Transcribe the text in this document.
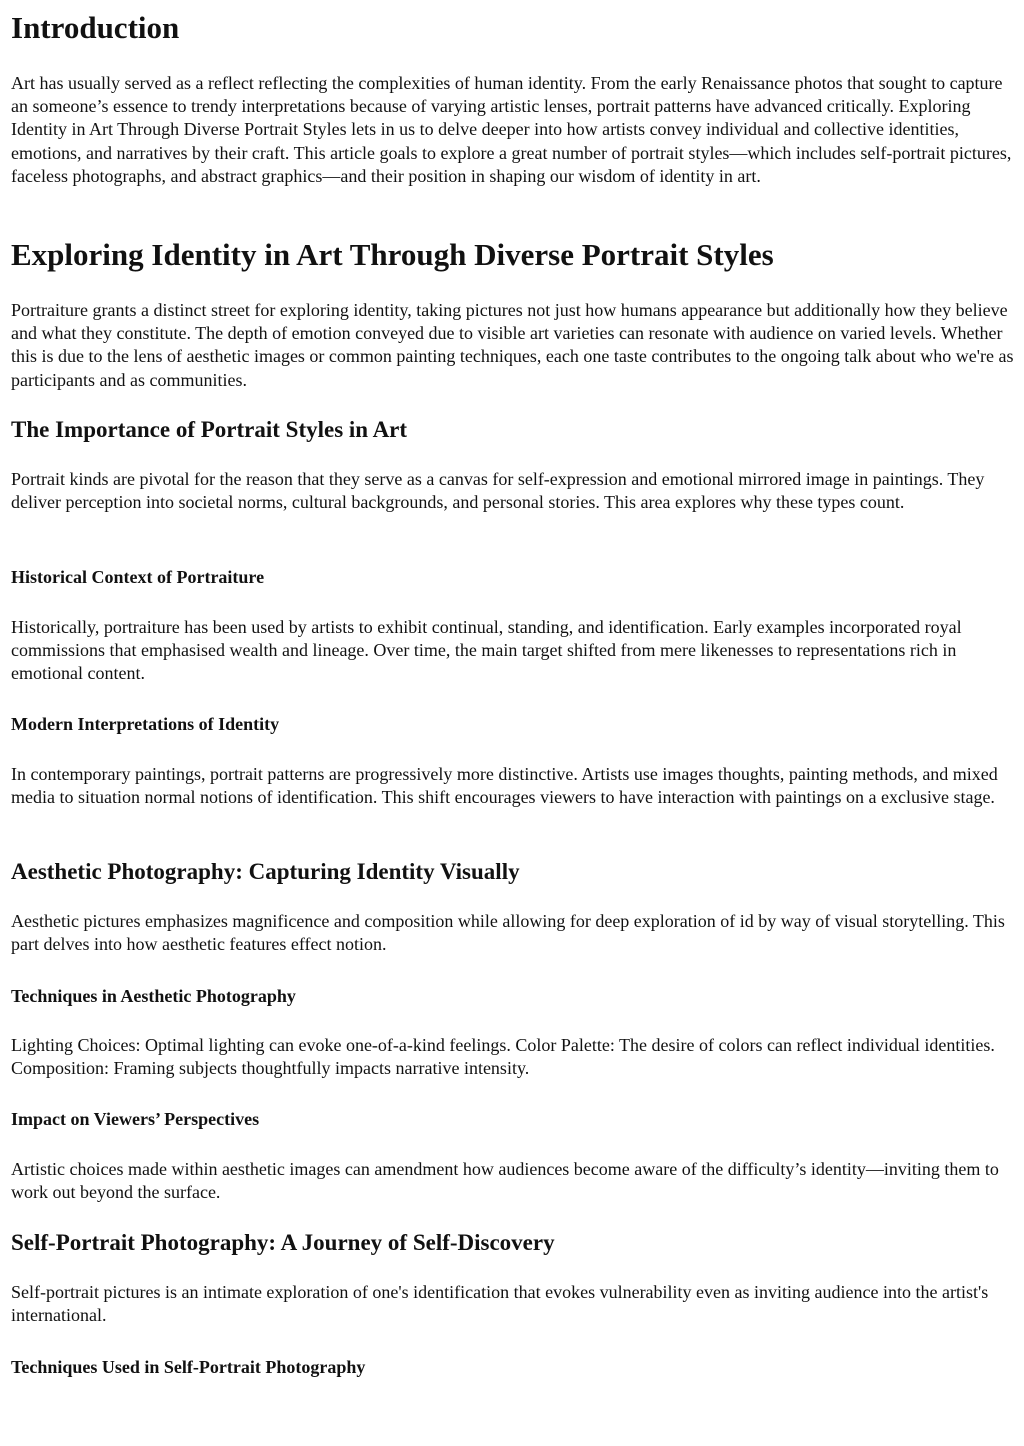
Introduction

Art has usually served as a reflect reflecting the complexities of human identity. From the early Renaissance photos that sought to capture an someone’s essence to trendy interpretations because of varying artistic lenses, portrait patterns have advanced critically. Exploring Identity in Art Through Diverse Portrait Styles lets in us to delve deeper into how artists convey individual and collective identities, emotions, and narratives by their craft. This article goals to explore a great number of portrait styles—which includes self-portrait pictures, faceless photographs, and abstract graphics—and their position in shaping our wisdom of identity in art.

Exploring Identity in Art Through Diverse Portrait Styles

Portraiture grants a distinct street for exploring identity, taking pictures not just how humans appearance but additionally how they believe and what they constitute. The depth of emotion conveyed due to visible art varieties can resonate with audience on varied levels. Whether this is due to the lens of aesthetic images or common painting techniques, each one taste contributes to the ongoing talk about who we're as participants and as communities.

The Importance of Portrait Styles in Art

Portrait kinds are pivotal for the reason that they serve as a canvas for self-expression and emotional mirrored image in paintings. They deliver perception into societal norms, cultural backgrounds, and personal stories. This area explores why these types count.

Historical Context of Portraiture

Historically, portraiture has been used by artists to exhibit continual, standing, and identification. Early examples incorporated royal commissions that emphasised wealth and lineage. Over time, the main target shifted from mere likenesses to representations rich in emotional content.

Modern Interpretations of Identity

In contemporary paintings, portrait patterns are progressively more distinctive. Artists use images thoughts, painting methods, and mixed media to situation normal notions of identification. This shift encourages viewers to have interaction with paintings on a exclusive stage.

Aesthetic Photography: Capturing Identity Visually

Aesthetic pictures emphasizes magnificence and composition while allowing for deep exploration of id by way of visual storytelling. This part delves into how aesthetic features effect notion.

Techniques in Aesthetic Photography

Lighting Choices: Optimal lighting can evoke one-of-a-kind feelings. Color Palette: The desire of colors can reflect individual identities. Composition: Framing subjects thoughtfully impacts narrative intensity.

Impact on Viewers’ Perspectives

Artistic choices made within aesthetic images can amendment how audiences become aware of the difficulty’s identity—inviting them to work out beyond the surface.

Self-Portrait Photography: A Journey of Self-Discovery

Self-portrait pictures is an intimate exploration of one's identification that evokes vulnerability even as inviting audience into the artist's international.

Techniques Used in Self-Portrait Photography
